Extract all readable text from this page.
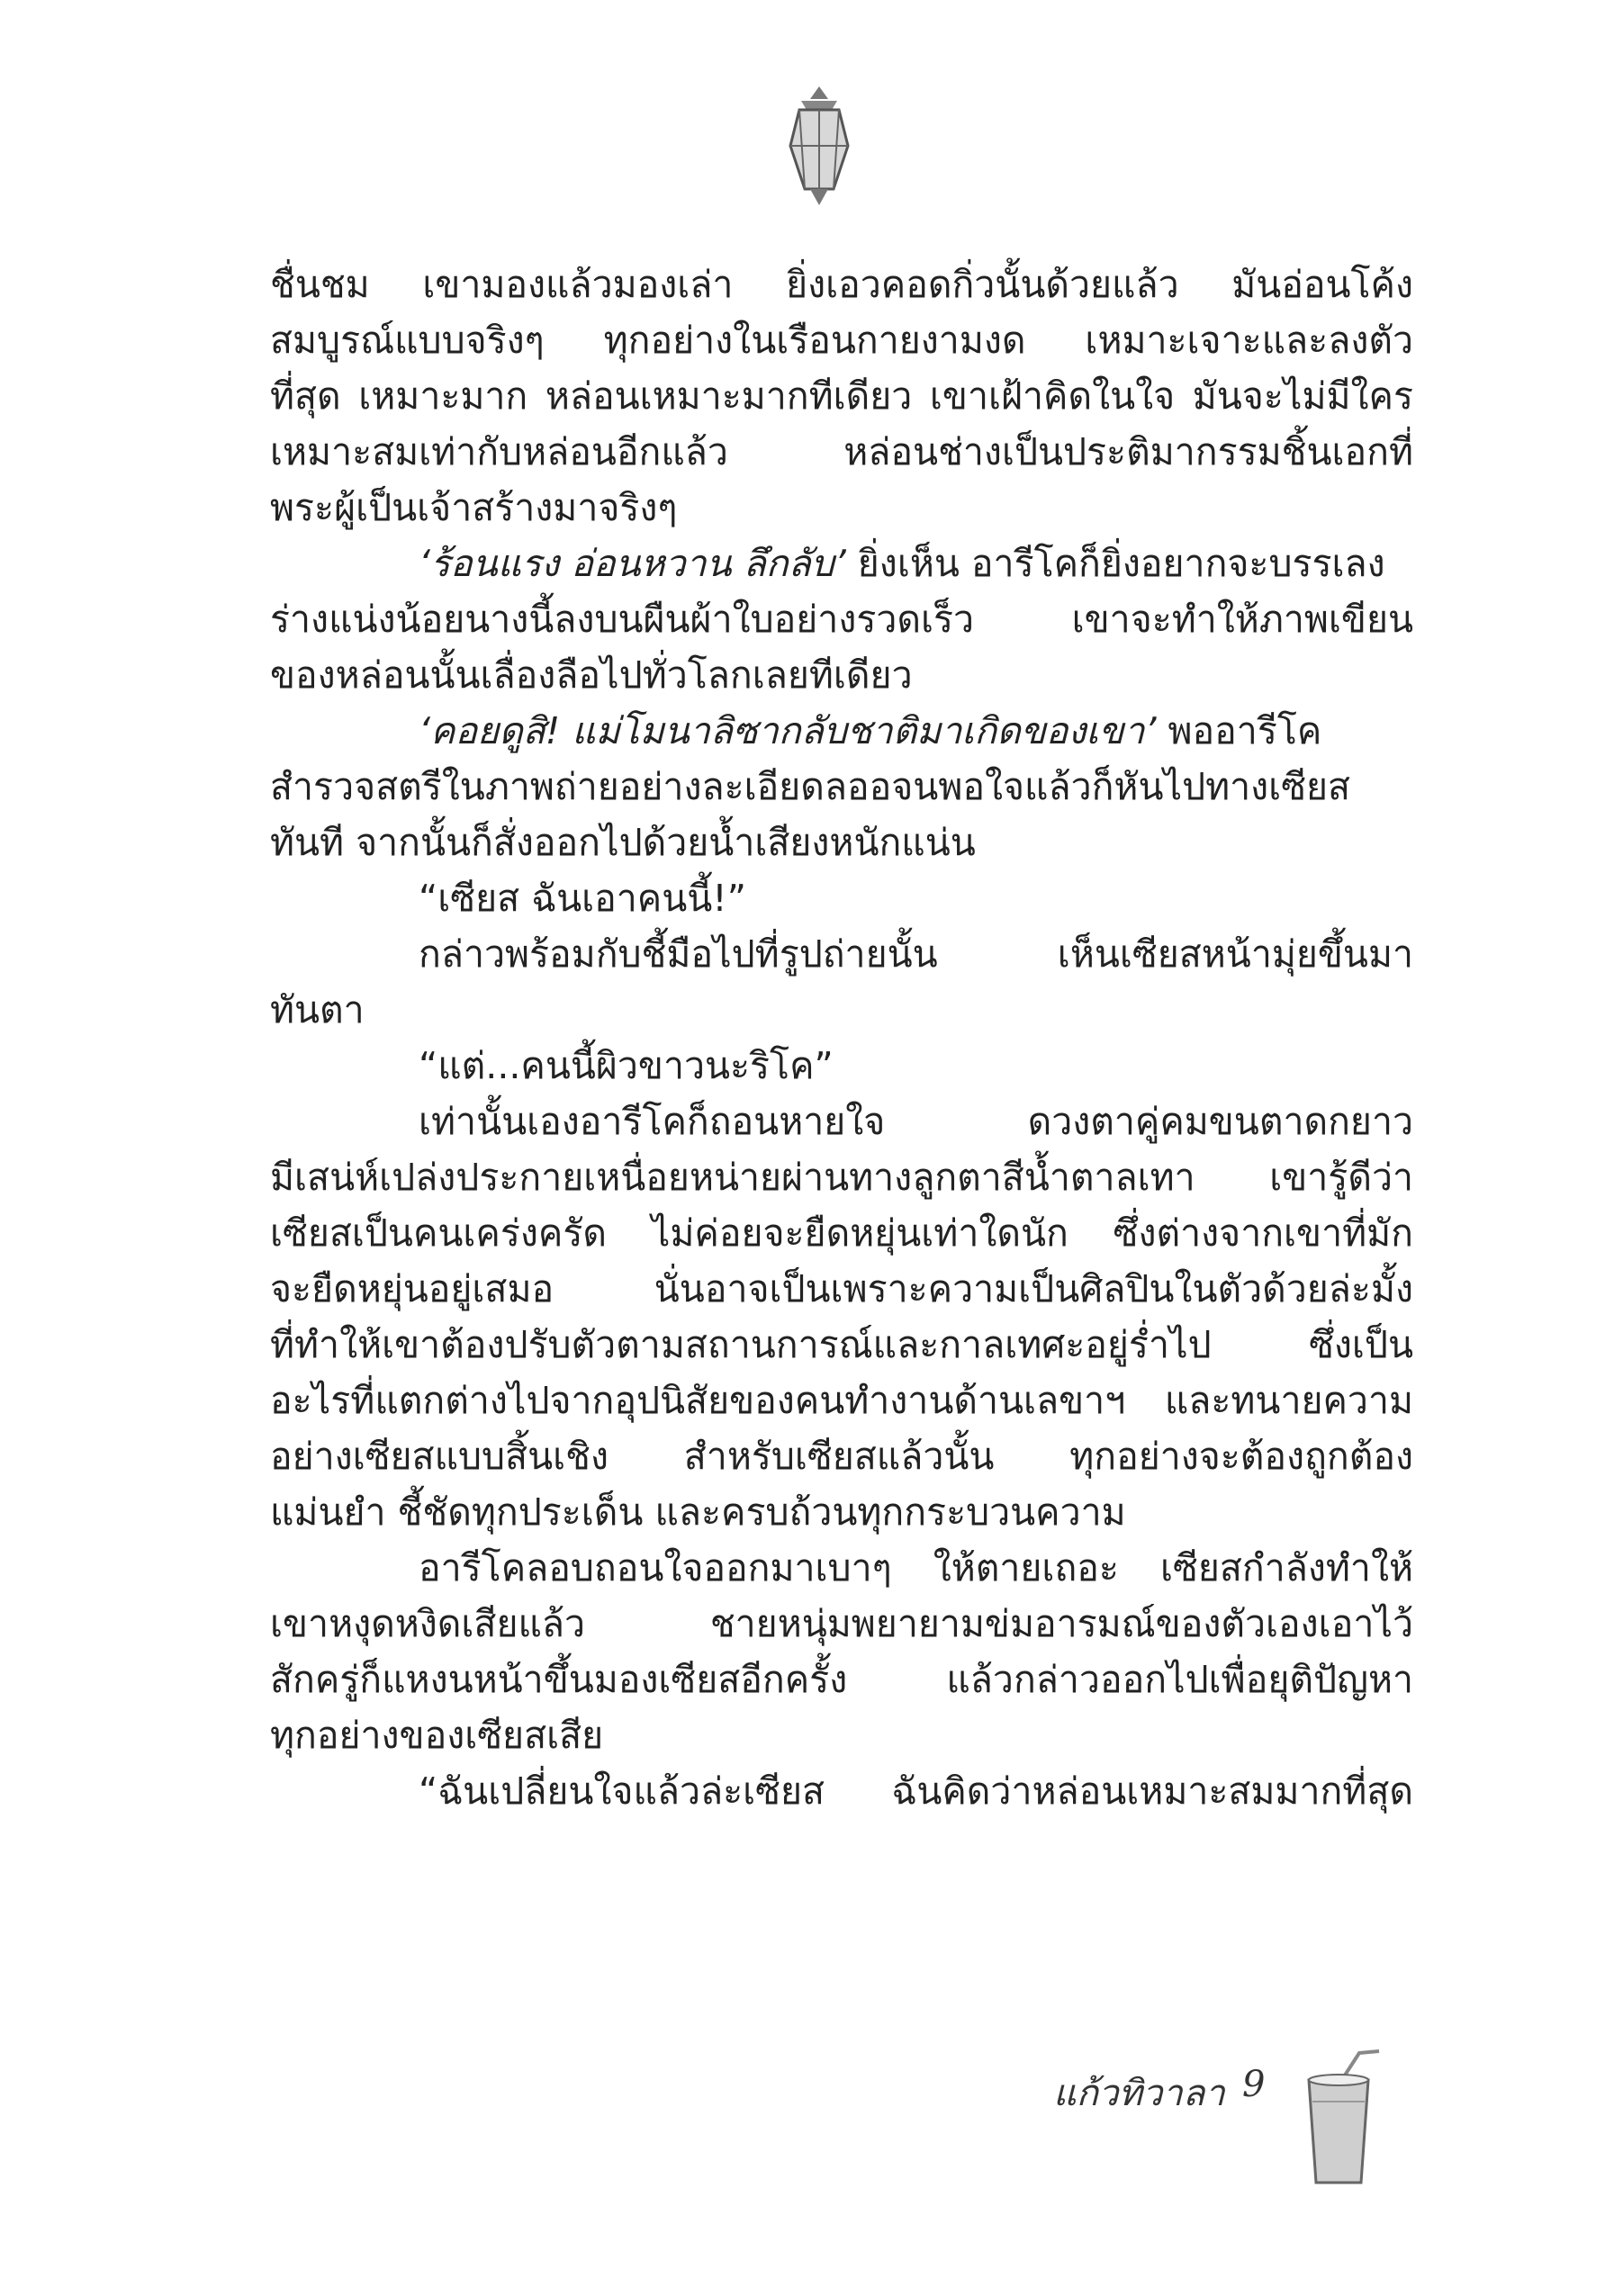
ชื่นชม เขามองแล้วมองเล่า ยิ่งเอวคอดกิ่วนั้นด้วยแล้ว มันอ่อนโค้ง
สมบูรณ์แบบจริงๆ ทุกอย่างในเรือนกายงามงด เหมาะเจาะและลงตัว
ที่สุด เหมาะมาก หล่อนเหมาะมากทีเดียว เขาเฝ้าคิดในใจ มันจะไม่มีใคร
เหมาะสมเท่ากับหล่อนอีกแล้ว หล่อนช่างเป็นประติมากรรมชิ้นเอกที่
พระผู้เป็นเจ้าสร้างมาจริงๆ
‘ร้อนแรง อ่อนหวาน ลึกลับ’ ยิ่งเห็น อารีโคก็ยิ่งอยากจะบรรเลง
ร่างแน่งน้อยนางนี้ลงบนผืนผ้าใบอย่างรวดเร็ว เขาจะทำให้ภาพเขียน
ของหล่อนนั้นเลื่องลือไปทั่วโลกเลยทีเดียว
‘คอยดูสิ! แม่โมนาลิซากลับชาติมาเกิดของเขา’ พออารีโค
สำรวจสตรีในภาพถ่ายอย่างละเอียดลออจนพอใจแล้วก็หันไปทางเซียส
ทันที จากนั้นก็สั่งออกไปด้วยน้ำเสียงหนักแน่น
“เซียส ฉันเอาคนนี้!”
กล่าวพร้อมกับชี้มือไปที่รูปถ่ายนั้น เห็นเซียสหน้ามุ่ยขึ้นมา
ทันตา
“แต่...คนนี้ผิวขาวนะริโค”
เท่านั้นเองอารีโคก็ถอนหายใจ ดวงตาคู่คมขนตาดกยาว
มีเสน่ห์เปล่งประกายเหนื่อยหน่ายผ่านทางลูกตาสีน้ำตาลเทา เขารู้ดีว่า
เซียสเป็นคนเคร่งครัด ไม่ค่อยจะยืดหยุ่นเท่าใดนัก ซึ่งต่างจากเขาที่มัก
จะยืดหยุ่นอยู่เสมอ นั่นอาจเป็นเพราะความเป็นศิลปินในตัวด้วยล่ะมั้ง
ที่ทำให้เขาต้องปรับตัวตามสถานการณ์และกาลเทศะอยู่ร่ำไป ซึ่งเป็น
อะไรที่แตกต่างไปจากอุปนิสัยของคนทำงานด้านเลขาฯ และทนายความ
อย่างเซียสแบบสิ้นเชิง สำหรับเซียสแล้วนั้น ทุกอย่างจะต้องถูกต้อง
แม่นยำ ชี้ชัดทุกประเด็น และครบถ้วนทุกกระบวนความ
อารีโคลอบถอนใจออกมาเบาๆ ให้ตายเถอะ เซียสกำลังทำให้
เขาหงุดหงิดเสียแล้ว ชายหนุ่มพยายามข่มอารมณ์ของตัวเองเอาไว้
สักครู่ก็แหงนหน้าขึ้นมองเซียสอีกครั้ง แล้วกล่าวออกไปเพื่อยุติปัญหา
ทุกอย่างของเซียสเสีย
“ฉันเปลี่ยนใจแล้วล่ะเซียส ฉันคิดว่าหล่อนเหมาะสมมากที่สุด
แก้วทิวาลา 9
